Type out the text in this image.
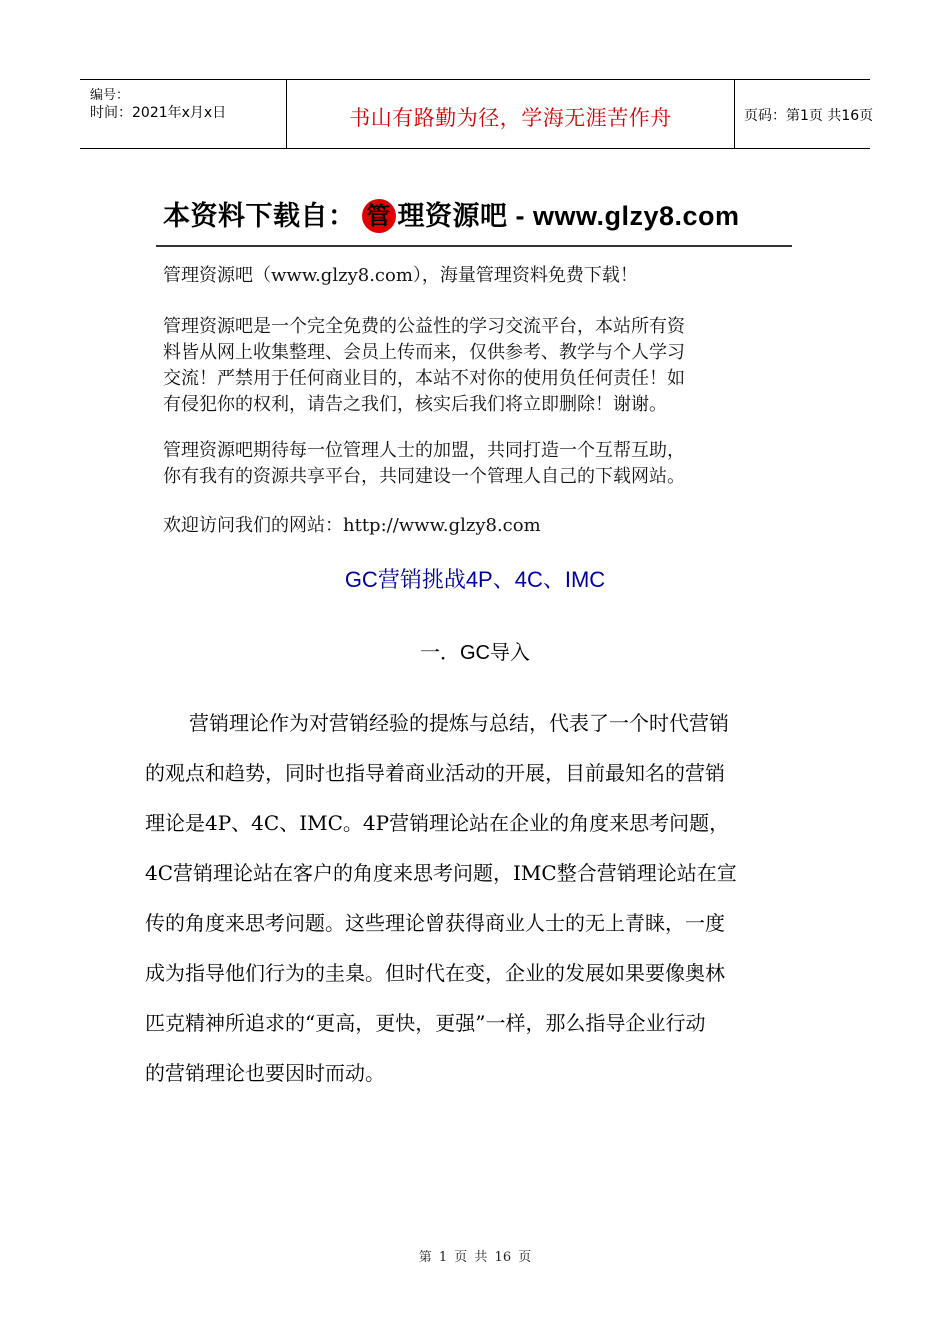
编号：
时间：2021年x月x日	书山有路勤为径，学海无涯苦作舟	页码：第1页 共16页
本资料下载自： 管 理资源吧 - www.glzy8.com
管理资源吧（www.glzy8.com），海量管理资料免费下载！
管理资源吧是一个完全免费的公益性的学习交流平台，本站所有资
料皆从网上收集整理、会员上传而来，仅供参考、教学与个人学习
交流！严禁用于任何商业目的，本站不对你的使用负任何责任！如
有侵犯你的权利，请告之我们，核实后我们将立即删除！谢谢。
管理资源吧期待每一位管理人士的加盟，共同打造一个互帮互助，
你有我有的资源共享平台，共同建设一个管理人自己的下载网站。
欢迎访问我们的网站：http://www.glzy8.com
GC营销挑战4P、4C、IMC
一．GC导入
营销理论作为对营销经验的提炼与总结，代表了一个时代营销
的观点和趋势，同时也指导着商业活动的开展，目前最知名的营销
理论是4P、4C、IMC。4P营销理论站在企业的角度来思考问题，
4C营销理论站在客户的角度来思考问题，IMC整合营销理论站在宣
传的角度来思考问题。这些理论曾获得商业人士的无上青睐，一度
成为指导他们行为的圭臬。但时代在变，企业的发展如果要像奥林
匹克精神所追求的“更高，更快，更强”一样，那么指导企业行动
的营销理论也要因时而动。
第 1 页 共 16 页
